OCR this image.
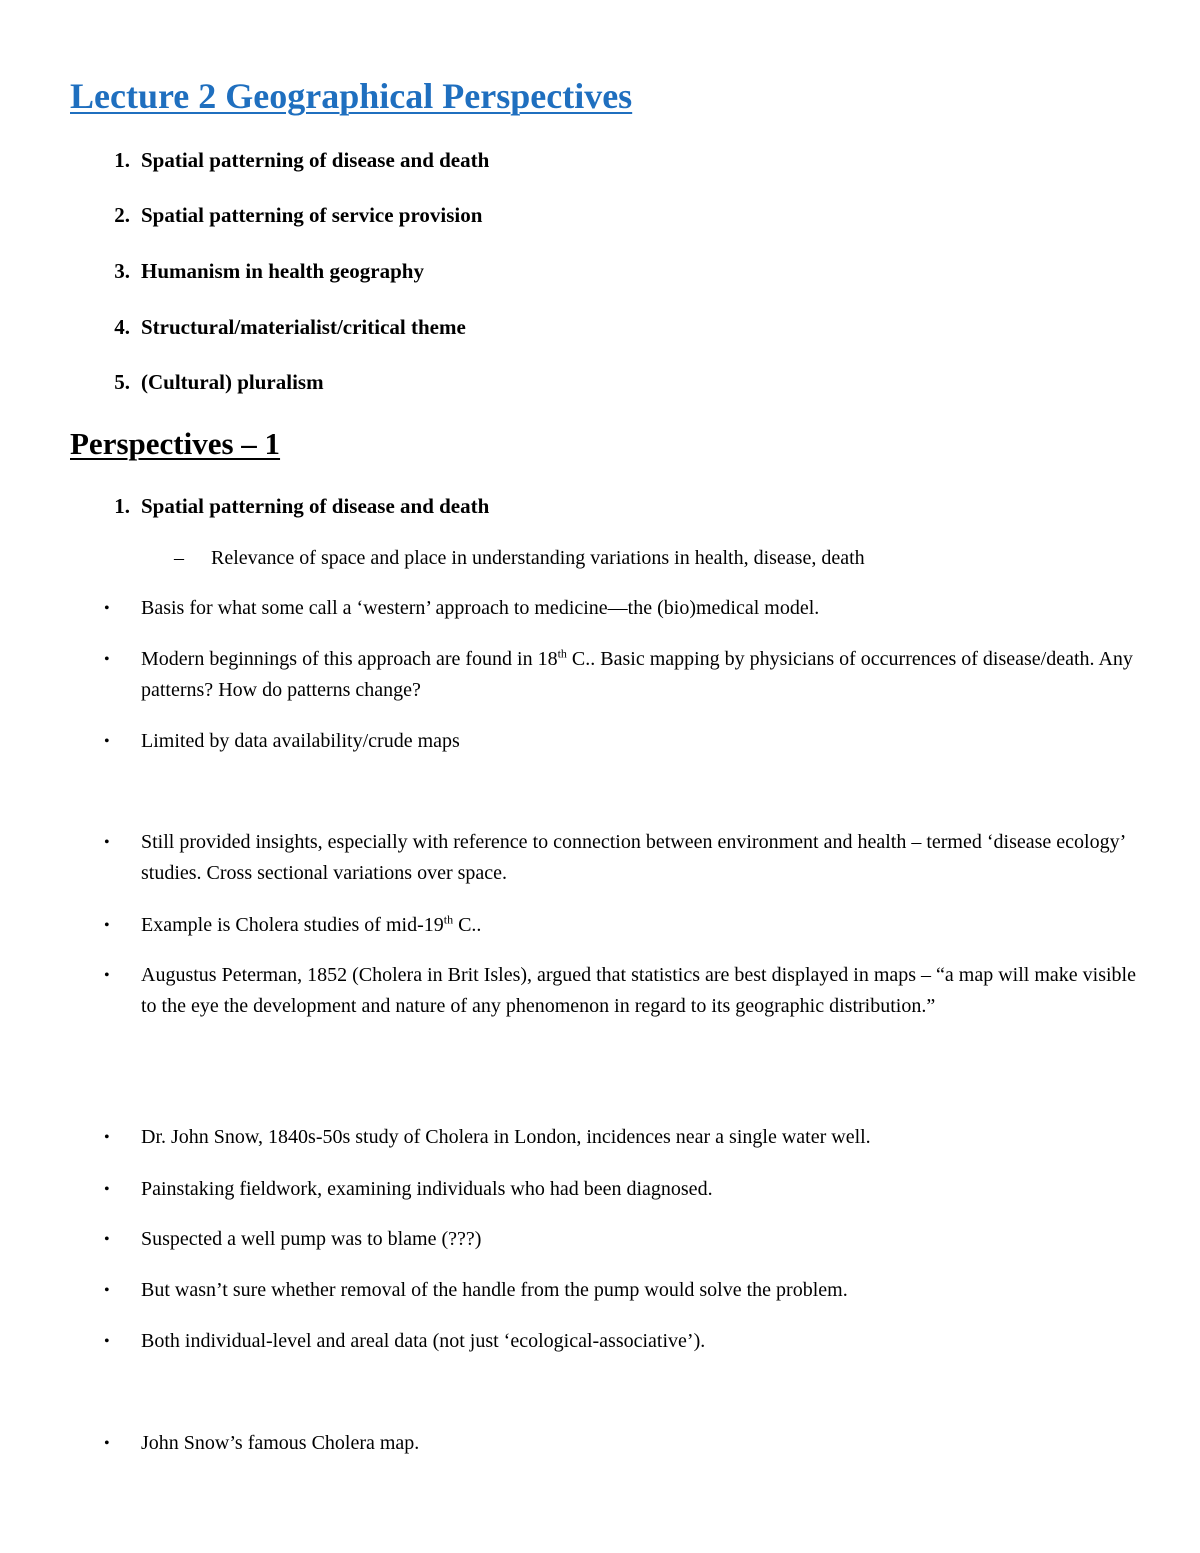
Lecture 2 Geographical Perspectives
1. Spatial patterning of disease and death
2. Spatial patterning of service provision
3. Humanism in health geography
4. Structural/materialist/critical theme
5. (Cultural) pluralism
Perspectives – 1
1. Spatial patterning of disease and death
– Relevance of space and place in understanding variations in health, disease, death
• Basis for what some call a ‘western’ approach to medicine—the (bio)medical model.
• Modern beginnings of this approach are found in 18th C.. Basic mapping by physicians of occurrences of disease/death. Any patterns? How do patterns change?
• Limited by data availability/crude maps
• Still provided insights, especially with reference to connection between environment and health – termed ‘disease ecology’ studies. Cross sectional variations over space.
• Example is Cholera studies of mid-19th C..
• Augustus Peterman, 1852 (Cholera in Brit Isles), argued that statistics are best displayed in maps – “a map will make visible to the eye the development and nature of any phenomenon in regard to its geographic distribution.”
• Dr. John Snow, 1840s-50s study of Cholera in London, incidences near a single water well.
• Painstaking fieldwork, examining individuals who had been diagnosed.
• Suspected a well pump was to blame (???)
• But wasn’t sure whether removal of the handle from the pump would solve the problem.
• Both individual-level and areal data (not just ‘ecological-associative’).
• John Snow’s famous Cholera map.
